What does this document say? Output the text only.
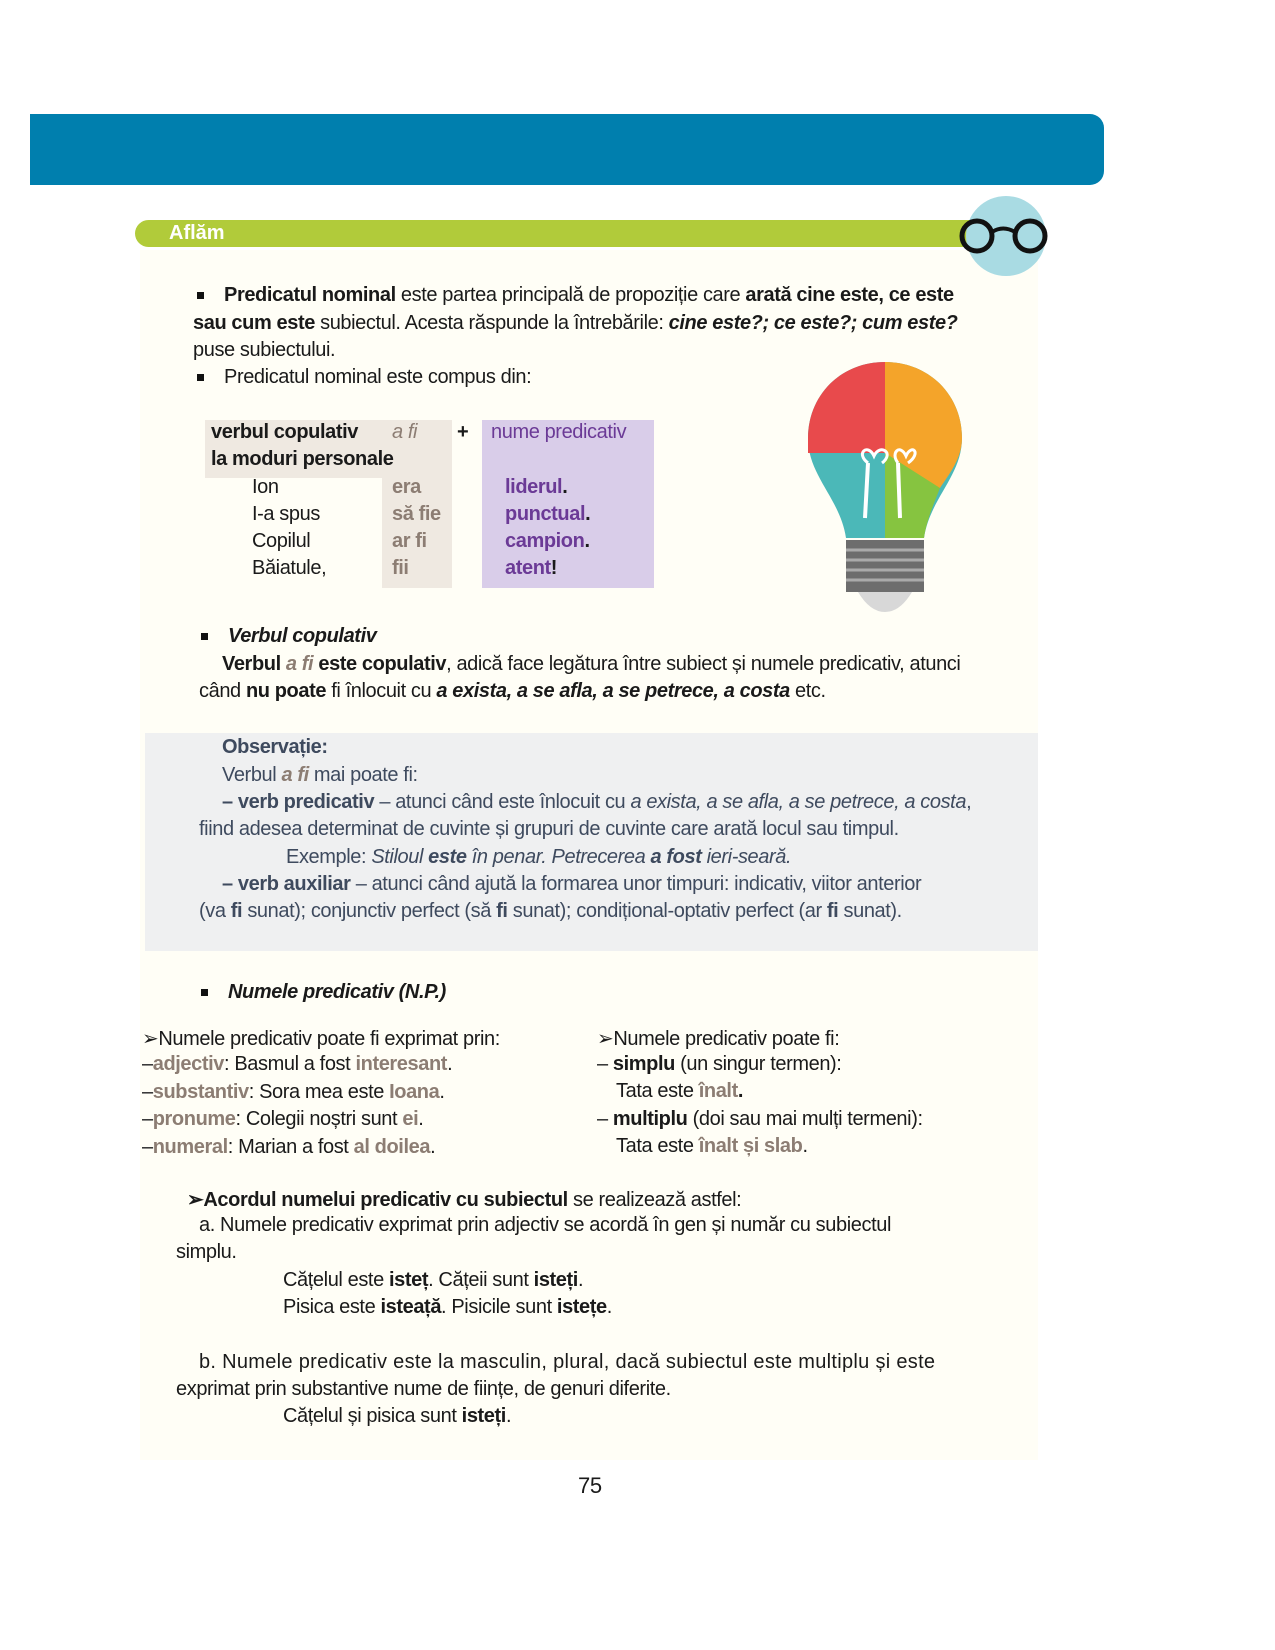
Aflăm
Predicatul nominal este partea principală de propoziție care arată cine este, ce este
sau cum este subiectul. Acesta răspunde la întrebările: cine este?; ce este?; cum este?
puse subiectului.
Predicatul nominal este compus din:
verbul copulativ a fi
la moduri personale
+ nume predicativ
Ion	era	liderul.
I-a spus	să fie	punctual.
Copilul	ar fi	campion.
Băiatule,	fii	atent!
Verbul copulativ
Verbul a fi este copulativ, adică face legătura între subiect și numele predicativ, atunci
când nu poate fi înlocuit cu a exista, a se afla, a se petrece, a costa etc.
Observație:
Verbul a fi mai poate fi:
– verb predicativ – atunci când este înlocuit cu a exista, a se afla, a se petrece, a costa,
fiind adesea determinat de cuvinte și grupuri de cuvinte care arată locul sau timpul.
Exemple: Stiloul este în penar. Petrecerea a fost ieri-seară.
– verb auxiliar – atunci când ajută la formarea unor timpuri: indicativ, viitor anterior
(va fi sunat); conjunctiv perfect (să fi sunat); condițional-optativ perfect (ar fi sunat).
Numele predicativ (N.P.)
➢Numele predicativ poate fi exprimat prin:
–adjectiv: Basmul a fost interesant.
–substantiv: Sora mea este Ioana.
–pronume: Colegii noștri sunt ei.
–numeral: Marian a fost al doilea.
➢Numele predicativ poate fi:
– simplu (un singur termen):
Tata este înalt.
– multiplu (doi sau mai mulți termeni):
Tata este înalt și slab.
➢Acordul numelui predicativ cu subiectul se realizează astfel:
a. Numele predicativ exprimat prin adjectiv se acordă în gen și număr cu subiectul
simplu.
Cățelul este isteț. Cățeii sunt isteți.
Pisica este isteață. Pisicile sunt istețe.
b. Numele predicativ este la masculin, plural, dacă subiectul este multiplu și este
exprimat prin substantive nume de ființe, de genuri diferite.
Cățelul și pisica sunt isteți.
75
